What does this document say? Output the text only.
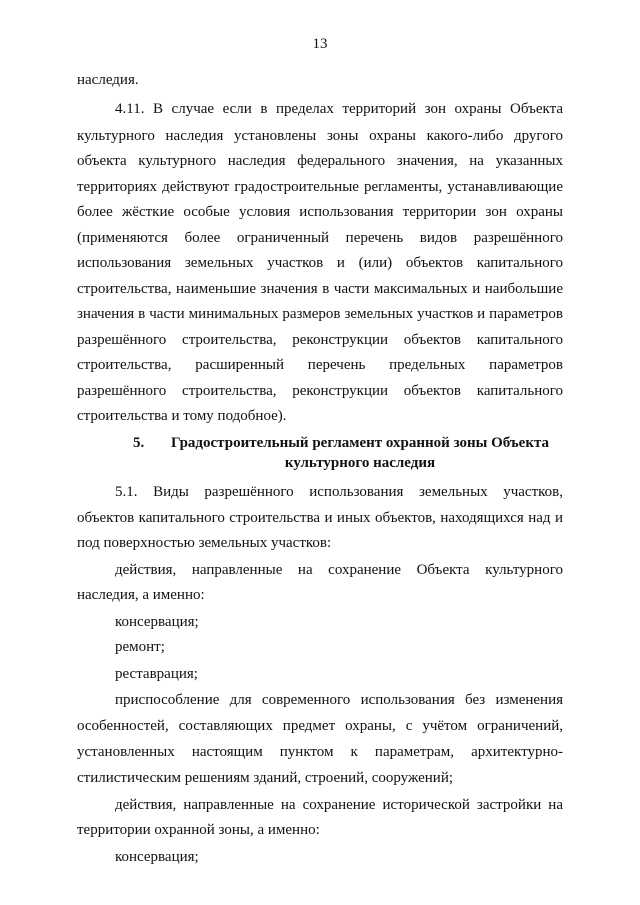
13
наследия.
4.11. В случае если в пределах территорий зон охраны Объекта
культурного наследия установлены зоны охраны какого-либо другого
объекта культурного наследия федерального значения, на указанных
территориях действуют градостроительные регламенты, устанавливающие
более жёсткие особые условия использования территории зон охраны
(применяются более ограниченный перечень видов разрешённого
использования земельных участков и (или) объектов капитального
строительства, наименьшие значения в части максимальных и наибольшие
значения в части минимальных размеров земельных участков и параметров
разрешённого строительства, реконструкции объектов капитального
строительства, расширенный перечень предельных параметров
разрешённого строительства, реконструкции объектов капитального
строительства и тому подобное).
5.1. Виды разрешённого использования земельных участков,
объектов капитального строительства и иных объектов, находящихся над и
под поверхностью земельных участков:
действия, направленные на сохранение Объекта культурного
наследия, а именно:
консервация;
ремонт;
реставрация;
приспособление для современного использования без изменения
особенностей, составляющих предмет охраны, с учётом ограничений,
установленных настоящим пунктом к параметрам, архитектурно-
стилистическим решениям зданий, строений, сооружений;
действия, направленные на сохранение исторической застройки на
территории охранной зоны, а именно:
консервация;
5. Градостроительный регламент охранной зоны Объекта
культурного наследия
